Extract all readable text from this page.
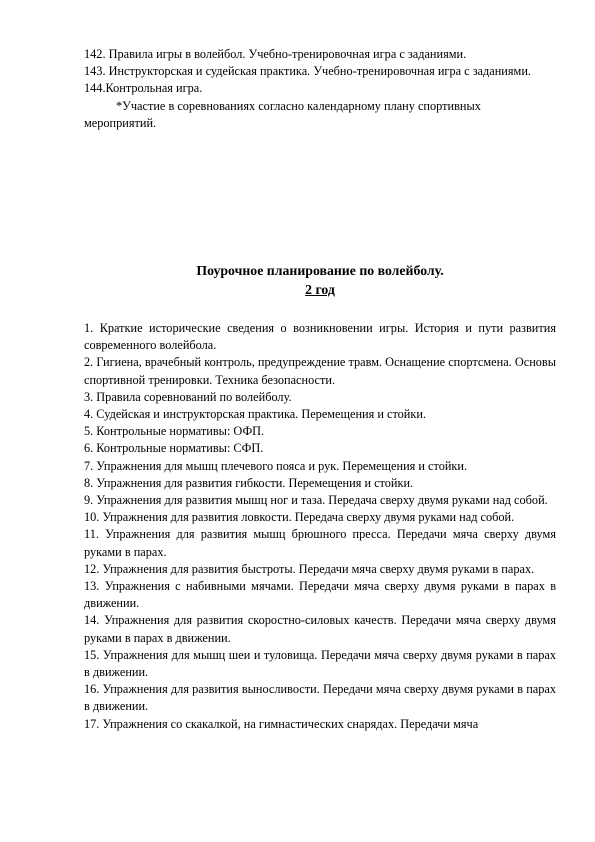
142. Правила игры в волейбол. Учебно-тренировочная игра с заданиями.

143. Инструкторская и судейская практика. Учебно-тренировочная игра с заданиями.

144.Контрольная игра.

*Участие в соревнованиях согласно календарному плану спортивных мероприятий.

Поурочное планирование по волейболу.

2 год

1. Краткие исторические сведения о возникновении игры. История и пути развития современного волейбола.

2. Гигиена, врачебный контроль, предупреждение травм. Оснащение спортсмена. Основы спортивной тренировки. Техника безопасности.

3. Правила соревнований по волейболу.

4. Судейская и инструкторская практика. Перемещения и стойки.

5. Контрольные нормативы: ОФП.

6. Контрольные нормативы: СФП.

7. Упражнения для мышц плечевого пояса и рук. Перемещения и стойки.

8. Упражнения для развития гибкости. Перемещения и стойки.

9. Упражнения для развития мышц ног и таза. Передача сверху двумя руками над собой.

10. Упражнения для развития ловкости. Передача сверху двумя руками над собой.

11. Упражнения для развития мышц брюшного пресса. Передачи мяча сверху двумя руками в парах.

12. Упражнения для развития быстроты. Передачи мяча сверху двумя руками в парах.

13. Упражнения с набивными мячами. Передачи мяча сверху двумя руками в парах в движении.

14. Упражнения для развития скоростно-силовых качеств. Передачи мяча сверху двумя руками в парах в движении.

15. Упражнения для мышц шеи и туловища. Передачи мяча сверху двумя руками в парах в движении.

16. Упражнения для развития выносливости. Передачи мяча сверху двумя руками в парах в движении.

17. Упражнения со скакалкой, на гимнастических снарядах. Передачи мяча
